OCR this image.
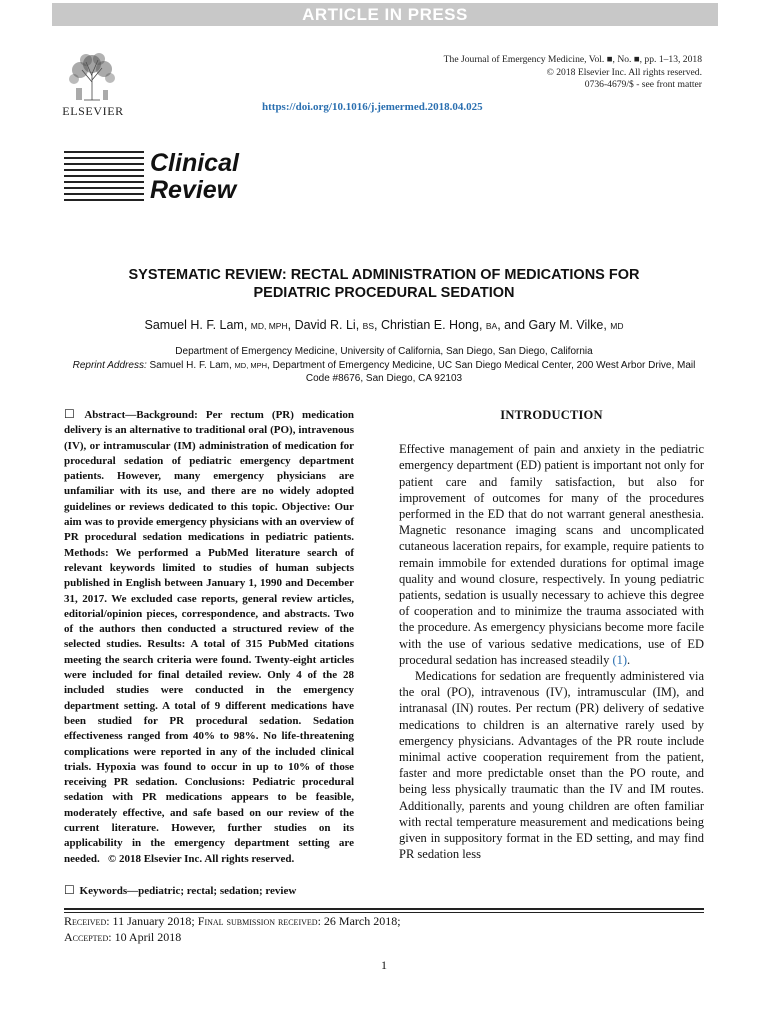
ARTICLE IN PRESS
ELSEVIER
The Journal of Emergency Medicine, Vol. ■, No. ■, pp. 1–13, 2018
© 2018 Elsevier Inc. All rights reserved.
0736-4679/$ - see front matter
https://doi.org/10.1016/j.jemermed.2018.04.025
Clinical
Review
SYSTEMATIC REVIEW: RECTAL ADMINISTRATION OF MEDICATIONS FOR
PEDIATRIC PROCEDURAL SEDATION
Samuel H. F. Lam, MD, MPH, David R. Li, BS, Christian E. Hong, BA, and Gary M. Vilke, MD
Department of Emergency Medicine, University of California, San Diego, San Diego, California
Reprint Address: Samuel H. F. Lam, MD, MPH, Department of Emergency Medicine, UC San Diego Medical Center, 200 West Arbor Drive, Mail Code #8676, San Diego, CA 92103
☐ Abstract—Background: Per rectum (PR) medication delivery is an alternative to traditional oral (PO), intravenous (IV), or intramuscular (IM) administration of medication for procedural sedation of pediatric emergency department patients. However, many emergency physicians are unfamiliar with its use, and there are no widely adopted guidelines or reviews dedicated to this topic. Objective: Our aim was to provide emergency physicians with an overview of PR procedural sedation medications in pediatric patients. Methods: We performed a PubMed literature search of relevant keywords limited to studies of human subjects published in English between January 1, 1990 and December 31, 2017. We excluded case reports, general review articles, editorial/opinion pieces, correspondence, and abstracts. Two of the authors then conducted a structured review of the selected studies. Results: A total of 315 PubMed citations meeting the search criteria were found. Twenty-eight articles were included for final detailed review. Only 4 of the 28 included studies were conducted in the emergency department setting. A total of 9 different medications have been studied for PR procedural sedation. Sedation effectiveness ranged from 40% to 98%. No life-threatening complications were reported in any of the included clinical trials. Hypoxia was found to occur in up to 10% of those receiving PR sedation. Conclusions: Pediatric procedural sedation with PR medications appears to be feasible, moderately effective, and safe based on our review of the current literature. However, further studies on its applicability in the emergency department setting are needed. © 2018 Elsevier Inc. All rights reserved.
☐ Keywords—pediatric; rectal; sedation; review
INTRODUCTION

Effective management of pain and anxiety in the pediatric emergency department (ED) patient is important not only for patient care and family satisfaction, but also for improvement of outcomes for many of the procedures performed in the ED that do not warrant general anesthesia. Magnetic resonance imaging scans and uncomplicated cutaneous laceration repairs, for example, require patients to remain immobile for extended durations for optimal image quality and wound closure, respectively. In young pediatric patients, sedation is usually necessary to achieve this degree of cooperation and to minimize the trauma associated with the procedure. As emergency physicians become more facile with the use of various sedative medications, use of ED procedural sedation has increased steadily (1).

Medications for sedation are frequently administered via the oral (PO), intravenous (IV), intramuscular (IM), and intranasal (IN) routes. Per rectum (PR) delivery of sedative medications to children is an alternative rarely used by emergency physicians. Advantages of the PR route include minimal active cooperation requirement from the patient, faster and more predictable onset than the PO route, and being less physically traumatic than the IV and IM routes. Additionally, parents and young children are often familiar with rectal temperature measurement and medications being given in suppository format in the ED setting, and may find PR sedation less

Received: 11 January 2018; Final submission received: 26 March 2018;
Accepted: 10 April 2018
1
